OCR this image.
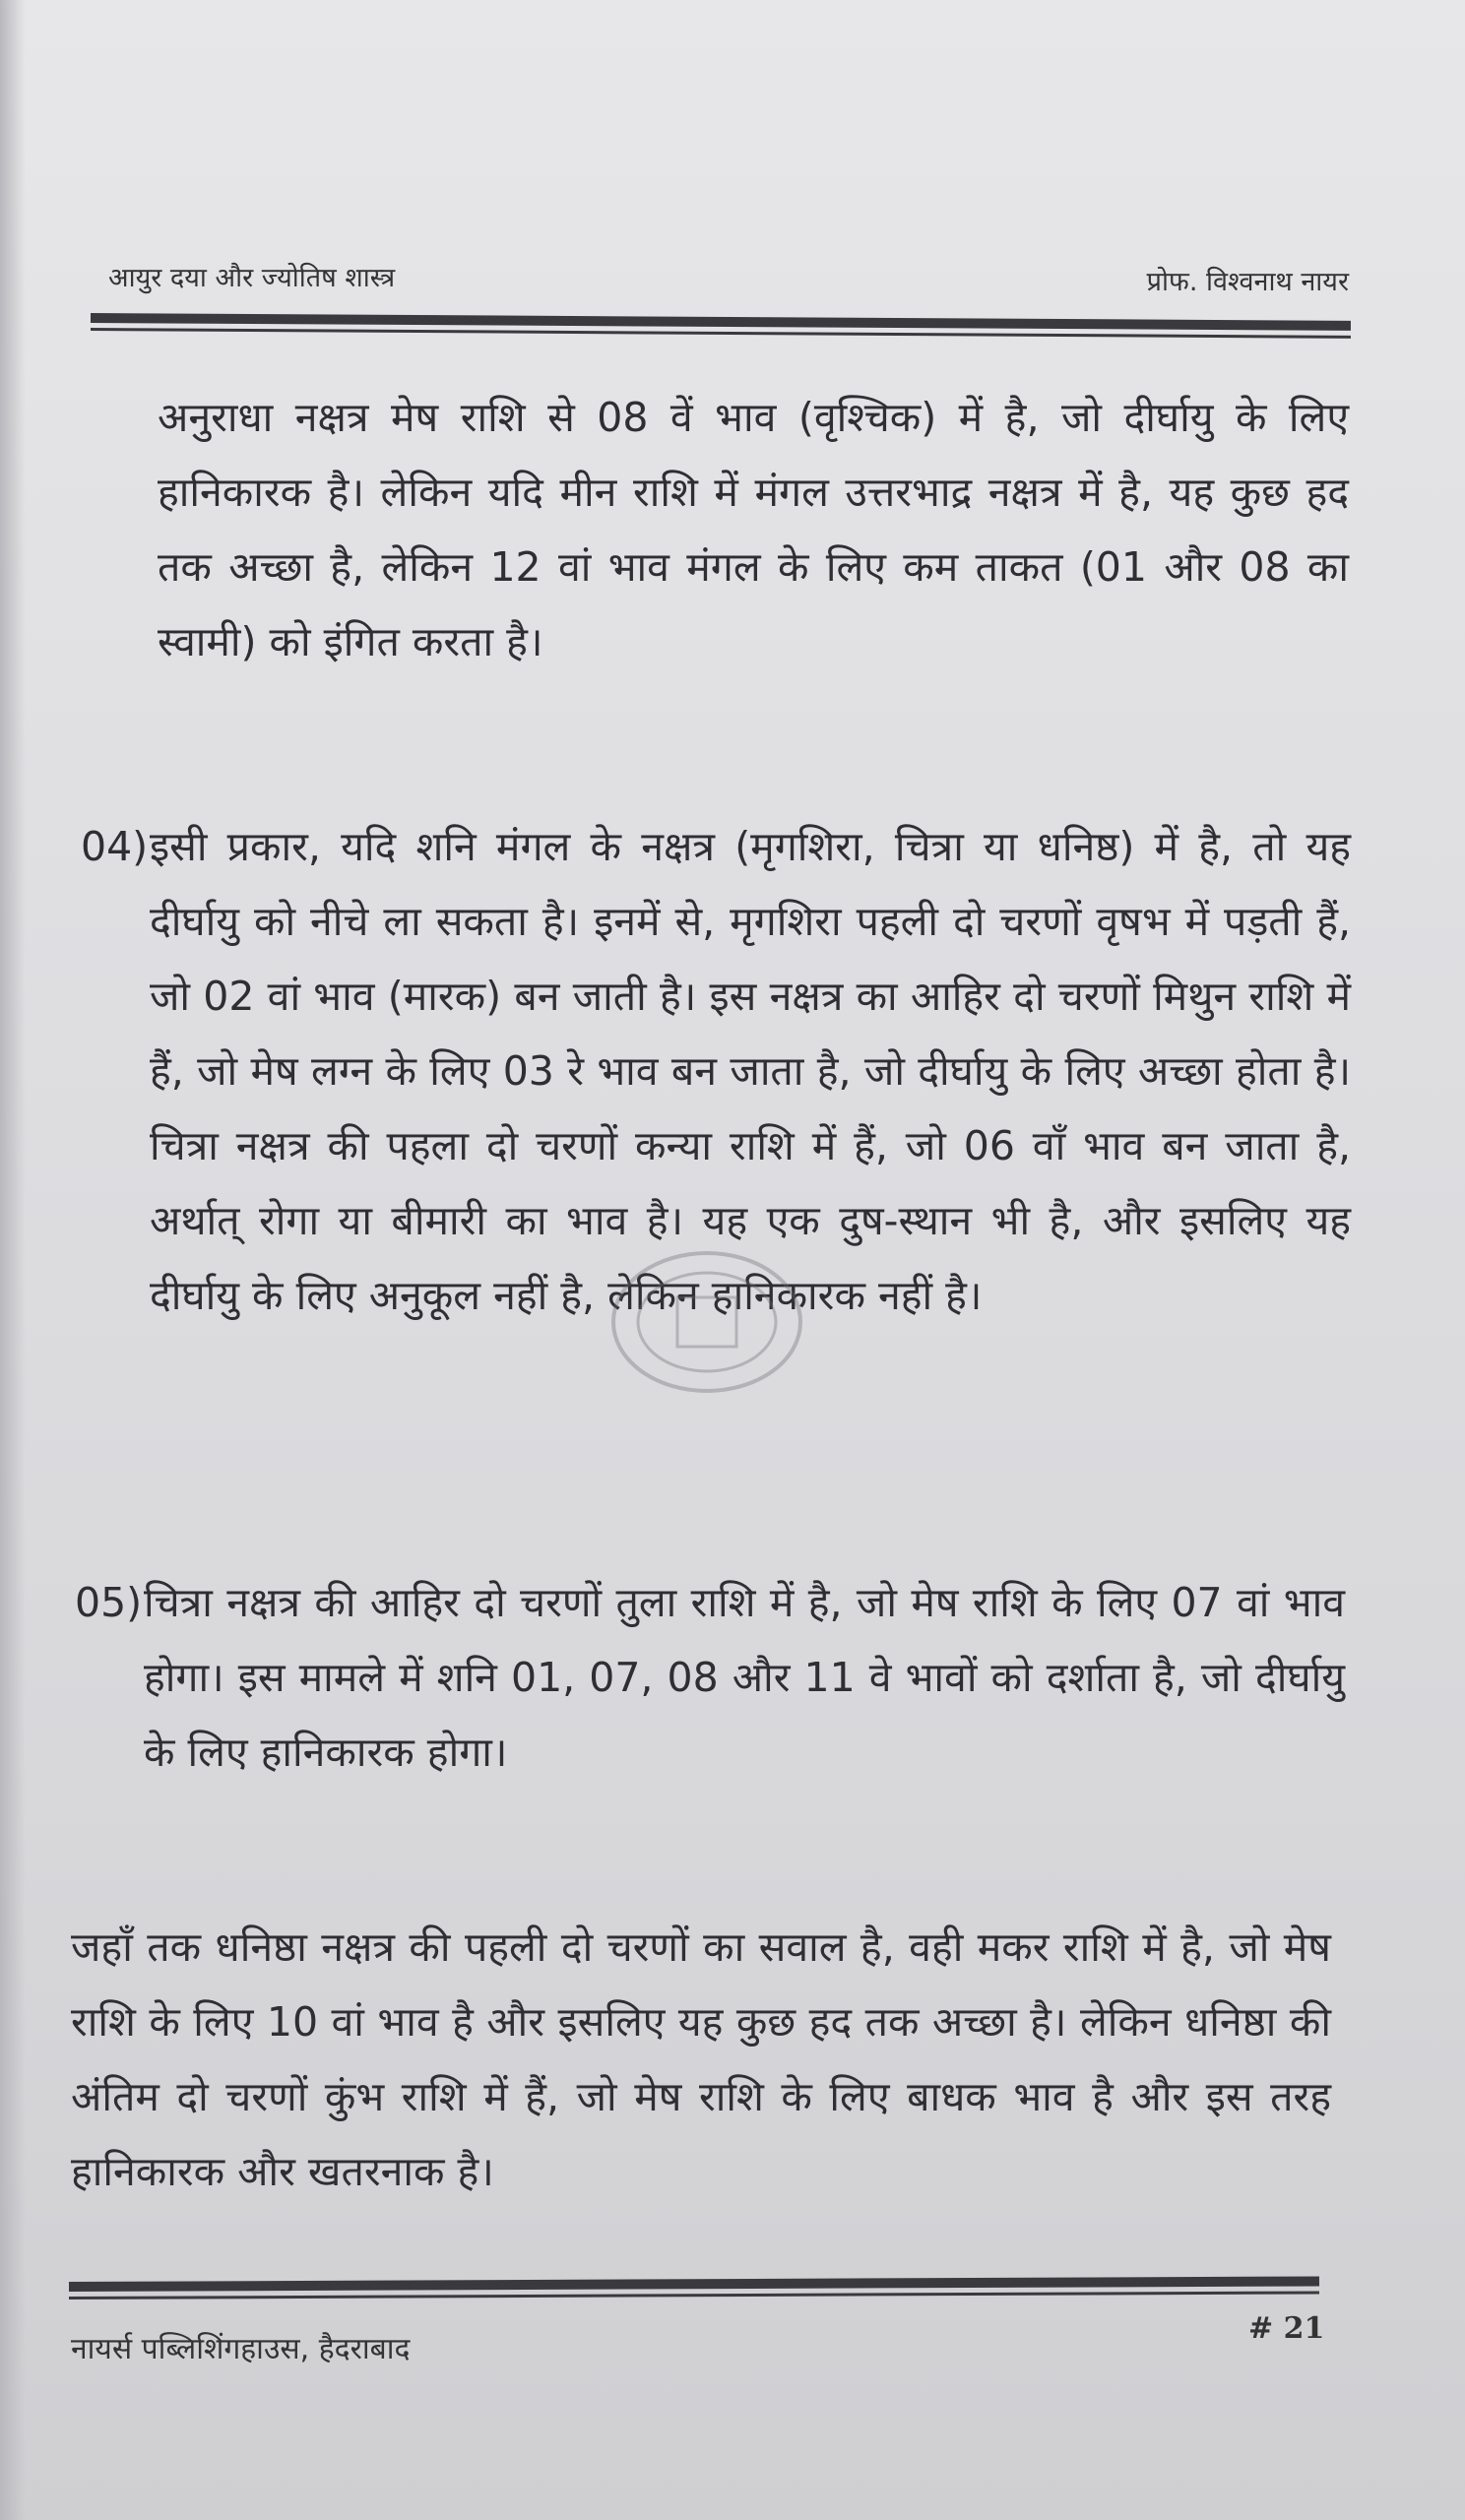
आयुर दया और ज्योतिष शास्त्र	प्रोफ. विश्वनाथ नायर

अनुराधा नक्षत्र मेष राशि से 08 वें भाव (वृश्चिक) में है, जो दीर्घायु के लिए हानिकारक है। लेकिन यदि मीन राशि में मंगल उत्तरभाद्र नक्षत्र में है, यह कुछ हद तक अच्छा है, लेकिन 12 वां भाव मंगल के लिए कम ताकत (01 और 08 का स्वामी) को इंगित करता है।

04) इसी प्रकार, यदि शनि मंगल के नक्षत्र (मृगशिरा, चित्रा या धनिष्ठ) में है, तो यह दीर्घायु को नीचे ला सकता है। इनमें से, मृगशिरा पहली दो चरणों वृषभ में पड़ती हैं, जो 02 वां भाव (मारक) बन जाती है। इस नक्षत्र का आहिर दो चरणों मिथुन राशि में हैं, जो मेष लग्न के लिए 03 रे भाव बन जाता है, जो दीर्घायु के लिए अच्छा होता है। चित्रा नक्षत्र की पहला दो चरणों कन्या राशि में हैं, जो 06 वाँ भाव बन जाता है, अर्थात् रोगा या बीमारी का भाव है। यह एक दुष-स्थान भी है, और इसलिए यह दीर्घायु के लिए अनुकूल नहीं है, लेकिन हानिकारक नहीं है।
05) चित्रा नक्षत्र की आहिर दो चरणों तुला राशि में है, जो मेष राशि के लिए 07 वां भाव होगा। इस मामले में शनि 01, 07, 08 और 11 वे भावों को दर्शाता है, जो दीर्घायु के लिए हानिकारक होगा।

जहाँ तक धनिष्ठा नक्षत्र की पहली दो चरणों का सवाल है, वही मकर राशि में है, जो मेष राशि के लिए 10 वां भाव है और इसलिए यह कुछ हद तक अच्छा है। लेकिन धनिष्ठा की अंतिम दो चरणों कुंभ राशि में हैं, जो मेष राशि के लिए बाधक भाव है और इस तरह हानिकारक और खतरनाक है।

नायर्स पब्लिशिंगहाउस, हैदराबाद
# 21
